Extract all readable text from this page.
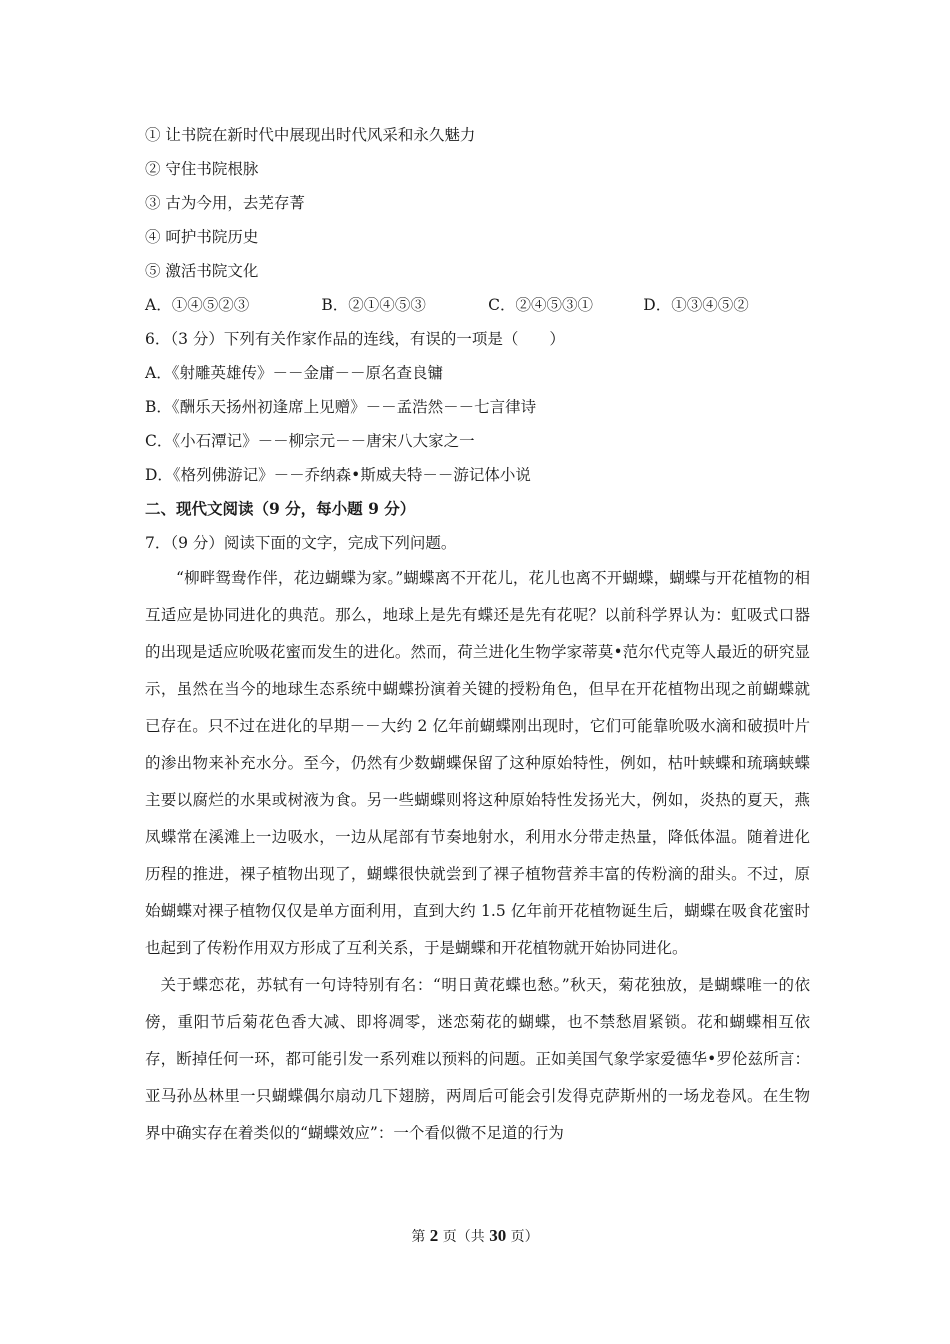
① 让书院在新时代中展现出时代风采和永久魅力
② 守住书院根脉
③ 古为今用，去芜存菁
④ 呵护书院历史
⑤ 激活书院文化
A．①④⑤②③	B．②①④⑤③	C．②④⑤③①	D．①③④⑤②
6．（3 分）下列有关作家作品的连线，有误的一项是（　　）
A．《射雕英雄传》－－金庸－－原名查良镛
B．《酬乐天扬州初逢席上见赠》－－孟浩然－－七言律诗
C．《小石潭记》－－柳宗元－－唐宋八大家之一
D．《格列佛游记》－－乔纳森•斯威夫特－－游记体小说
二、现代文阅读（9 分，每小题 9 分）
7．（9 分）阅读下面的文字，完成下列问题。

“柳畔鸳鸯作伴，花边蝴蝶为家。”蝴蝶离不开花儿，花儿也离不开蝴蝶，蝴蝶与开花植物的相互适应是协同进化的典范。那么，地球上是先有蝶还是先有花呢？以前科学界认为：虹吸式口器的出现是适应吮吸花蜜而发生的进化。然而，荷兰进化生物学家蒂莫•范尔代克等人最近的研究显示，虽然在当今的地球生态系统中蝴蝶扮演着关键的授粉角色，但早在开花植物出现之前蝴蝶就已存在。只不过在进化的早期－－大约 2 亿年前蝴蝶刚出现时，它们可能靠吮吸水滴和破损叶片的渗出物来补充水分。至今，仍然有少数蝴蝶保留了这种原始特性，例如，枯叶蛱蝶和琉璃蛱蝶主要以腐烂的水果或树液为食。另一些蝴蝶则将这种原始特性发扬光大，例如，炎热的夏天，燕凤蝶常在溪滩上一边吸水，一边从尾部有节奏地射水，利用水分带走热量，降低体温。随着进化历程的推进，裸子植物出现了，蝴蝶很快就尝到了裸子植物营养丰富的传粉滴的甜头。不过，原始蝴蝶对裸子植物仅仅是单方面利用，直到大约 1.5 亿年前开花植物诞生后，蝴蝶在吸食花蜜时也起到了传粉作用双方形成了互利关系，于是蝴蝶和开花植物就开始协同进化。

关于蝶恋花，苏轼有一句诗特别有名：“明日黄花蝶也愁。”秋天，菊花独放，是蝴蝶唯一的依傍，重阳节后菊花色香大减、即将凋零，迷恋菊花的蝴蝶，也不禁愁眉紧锁。花和蝴蝶相互依存，断掉任何一环，都可能引发一系列难以预料的问题。正如美国气象学家爱德华•罗伦兹所言：亚马孙丛林里一只蝴蝶偶尔扇动几下翅膀，两周后可能会引发得克萨斯州的一场龙卷风。在生物界中确实存在着类似的“蝴蝶效应”：一个看似微不足道的行为

第 2 页（共 30 页）
